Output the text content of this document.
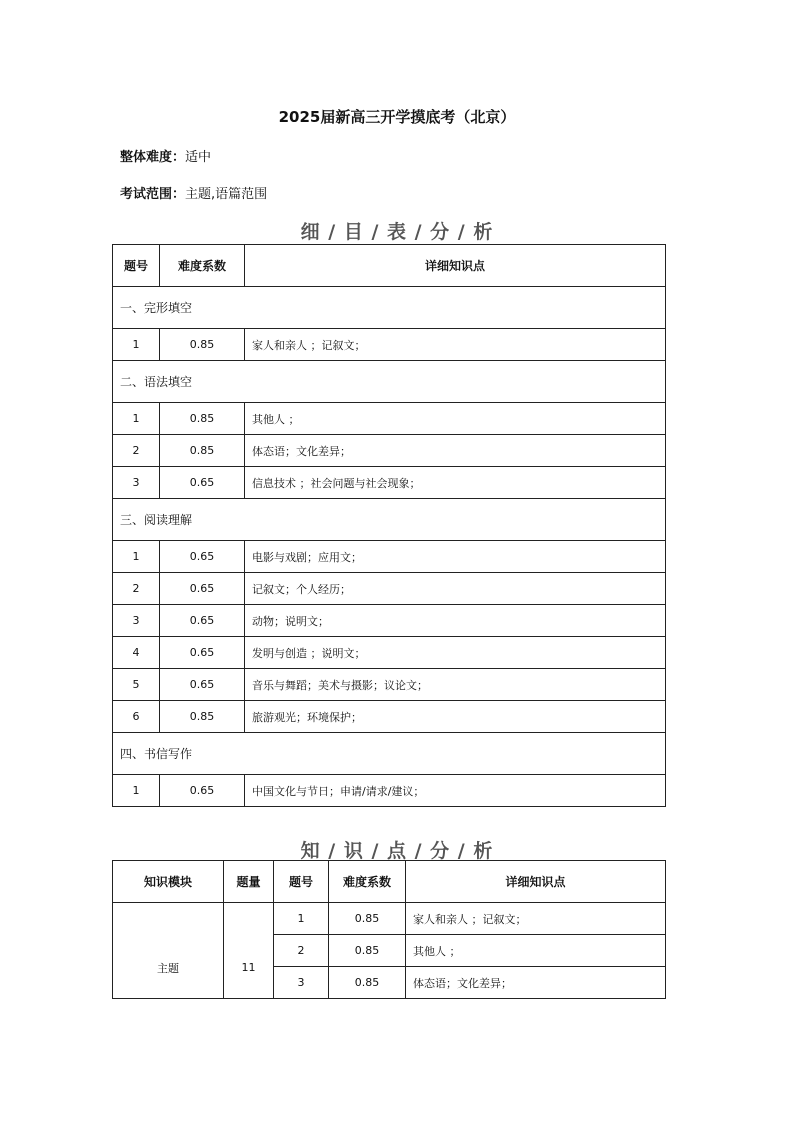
2025届新高三开学摸底考（北京）
整体难度：适中
考试范围：主题,语篇范围
细 / 目 / 表 / 分 / 析
题号	难度系数	详细知识点
一、完形填空		
1	0.85	家人和亲人 ；记叙文；
二、语法填空		
1	0.85	其他人 ；
2	0.85	体态语；文化差异；
3	0.65	信息技术 ；社会问题与社会现象；
三、阅读理解		
1	0.65	电影与戏剧；应用文；
2	0.65	记叙文；个人经历；
3	0.65	动物；说明文；
4	0.65	发明与创造 ；说明文；
5	0.65	音乐与舞蹈；美术与摄影；议论文；
6	0.85	旅游观光；环境保护；
四、书信写作		
1	0.65	中国文化与节日；申请/请求/建议；
知 / 识 / 点 / 分 / 析
知识模块	题量	题号	难度系数	详细知识点
主题	11	1	0.85	家人和亲人 ；记叙文；
		2	0.85	其他人 ；
		3	0.85	体态语；文化差异；
